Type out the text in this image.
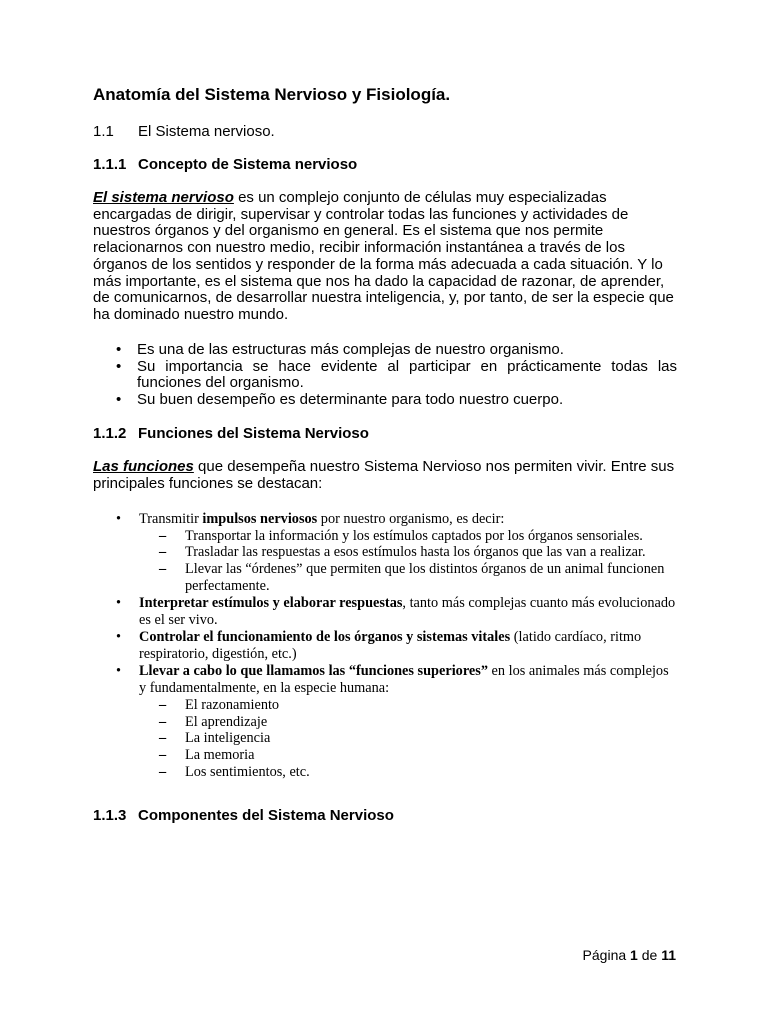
Anatomía del Sistema Nervioso y Fisiología.
1.1	El Sistema nervioso.
1.1.1 Concepto de Sistema nervioso

El sistema nervioso es un complejo conjunto de células muy especializadas encargadas de dirigir, supervisar y controlar todas las funciones y actividades de nuestros órganos y del organismo en general. Es el sistema que nos permite relacionarnos con nuestro medio, recibir información instantánea a través de los órganos de los sentidos y responder de la forma más adecuada a cada situación. Y lo más importante, es el sistema que nos ha dado la capacidad de razonar, de aprender, de comunicarnos, de desarrollar nuestra inteligencia, y, por tanto, de ser la especie que ha dominado nuestro mundo.

• Es una de las estructuras más complejas de nuestro organismo.
• Su importancia se hace evidente al participar en prácticamente todas las funciones del organismo.
• Su buen desempeño es determinante para todo nuestro cuerpo.
1.1.2 Funciones del Sistema Nervioso

Las funciones que desempeña nuestro Sistema Nervioso nos permiten vivir. Entre sus principales funciones se destacan:

• Transmitir impulsos nerviosos por nuestro organismo, es decir:
– Transportar la información y los estímulos captados por los órganos sensoriales.
– Trasladar las respuestas a esos estímulos hasta los órganos que las van a realizar.
– Llevar las “órdenes” que permiten que los distintos órganos de un animal funcionen perfectamente.
• Interpretar estímulos y elaborar respuestas, tanto más complejas cuanto más evolucionado es el ser vivo.
• Controlar el funcionamiento de los órganos y sistemas vitales (latido cardíaco, ritmo respiratorio, digestión, etc.)
• Llevar a cabo lo que llamamos las “funciones superiores” en los animales más complejos y fundamentalmente, en la especie humana:
– El razonamiento
– El aprendizaje
– La inteligencia
– La memoria
– Los sentimientos, etc.
1.1.3 Componentes del Sistema Nervioso
Página 1 de 11
